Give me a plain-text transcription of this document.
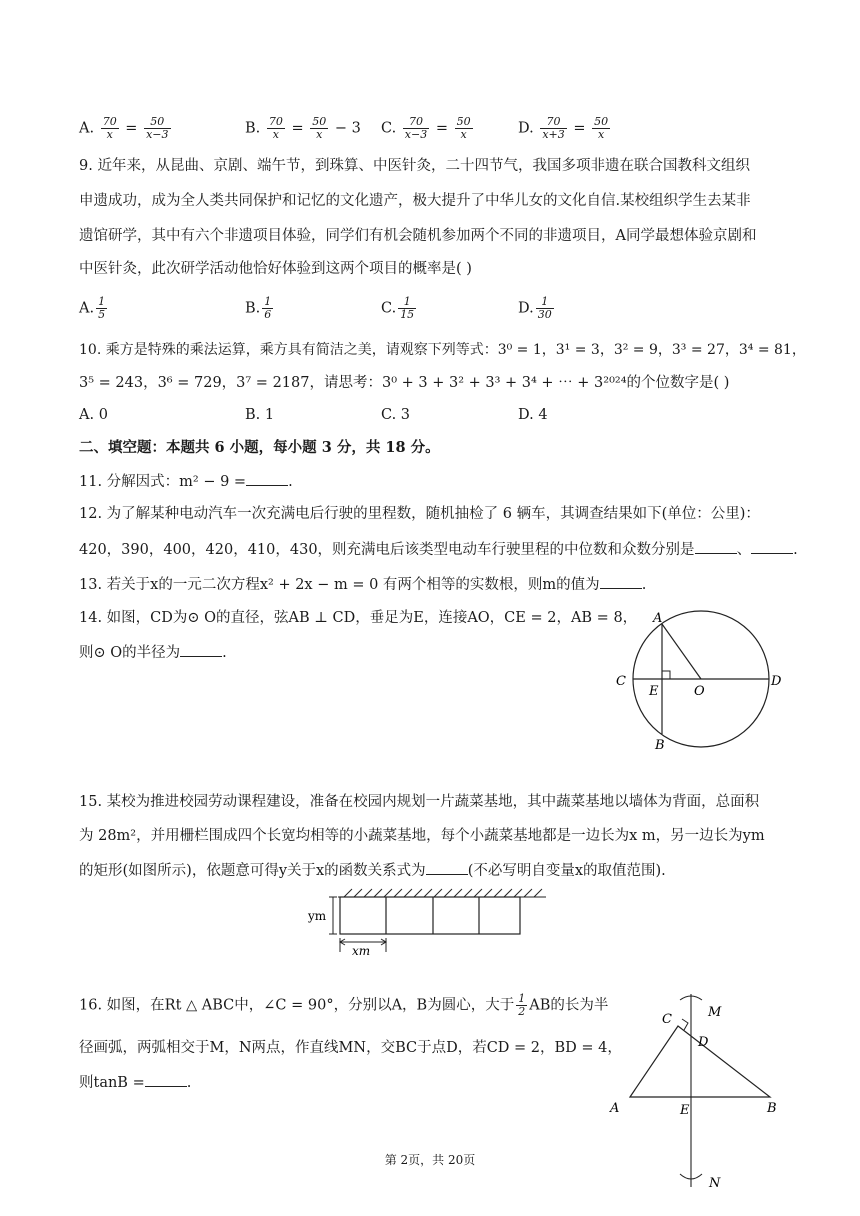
A. $\frac{70}{x} = \frac{50}{x-3}$	B. $\frac{70}{x} = \frac{50}{x} - 3$ C. $\frac{70}{x-3} = \frac{50}{x}$	D. $\frac{70}{x+3} = \frac{50}{x}$
9. 近年来，从昆曲、京剧、端午节，到珠算、中医针灸，二十四节气，我国多项非遗在联合国教科文组织
申遗成功，成为全人类共同保护和记忆的文化遗产，极大提升了中华儿女的文化自信.某校组织学生去某非
遗馆研学，其中有六个非遗项目体验，同学们有机会随机参加两个不同的非遗项目，A同学最想体验京剧和
中医针灸，此次研学活动他恰好体验到这两个项目的概率是( )
A. $\frac{1}{5}$	B. $\frac{1}{6}$	C. $\frac{1}{15}$	D. $\frac{1}{30}$
10. 乘方是特殊的乘法运算，乘方具有简洁之美，请观察下列等式：3⁰ = 1，3¹ = 3，3² = 9，3³ = 27，3⁴ = 81，
3⁵ = 243，3⁶ = 729，3⁷ = 2187，请思考：3⁰ + 3 + 3² + 3³ + 3⁴ + ⋯ + 3²⁰²⁴的个位数字是( )
A. 0	B. 1	C. 3	D. 4
二、填空题：本题共 6 小题，每小题 3 分，共 18 分。
11. 分解因式：m² − 9 =	.
12. 为了解某种电动汽车一次充满电后行驶的里程数，随机抽检了 6 辆车，其调查结果如下(单位：公里)：
420，390，400，420，410，430，则充满电后该类型电动车行驶里程的中位数和众数分别是	、	.
13. 若关于x的一元二次方程x² + 2x − m = 0 有两个相等的实数根，则m的值为	.
14. 如图，CD为⊙ O的直径，弦AB ⊥ CD，垂足为E，连接AO，CE = 2，AB = 8，
则⊙ O的半径为	.
A
B
C	D
E	O
15. 某校为推进校园劳动课程建设，准备在校园内规划一片蔬菜基地，其中蔬菜基地以墙体为背面，总面积
为 28m²，并用栅栏围成四个长宽均相等的小蔬菜基地，每个小蔬菜基地都是一边长为x m，另一边长为ym
的矩形(如图所示)，依题意可得y关于x的函数关系式为	(不必写明自变量x的取值范围).
ym
xm
16. 如图，在Rt △ ABC中，∠C = 90°，分别以A，B为圆心，大于 $\frac{1}{2}$ AB的长为半
径画弧，两弧相交于M，N两点，作直线MN，交BC于点D，若CD = 2，BD = 4，
则tanB =	.
C
D
A	E	B
M
N
第 2页，共 20页
